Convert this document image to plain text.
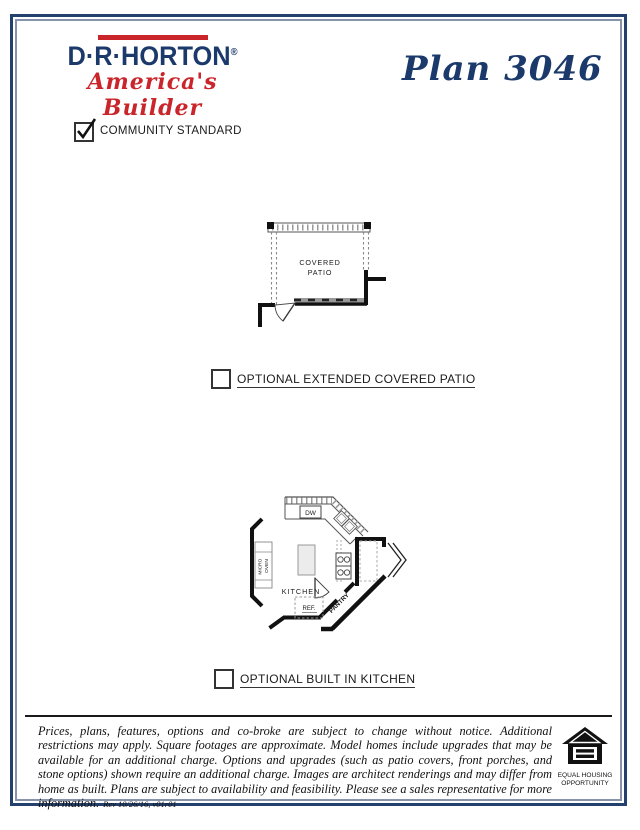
D·R·HORTON®
America's Builder
Plan 3046
COMMUNITY STANDARD
COVERED
PATIO
OPTIONAL EXTENDED COVERED PATIO
DW
REF. PANTRY
MICRO OVEN
KITCHEN
OPTIONAL BUILT IN KITCHEN
Prices, plans, features, options and co-broke are subject to change without notice. Additional restrictions may apply. Square footages are approximate. Model homes include upgrades that may be available for an additional charge. Options and upgrades (such as patio covers, front porches, and stone options) shown require an additional charge. Images are architect renderings and may differ from home as built. Plans are subject to availability and feasibility. Please see a sales representative for more information. Rev 10/26/16, v01r01
EQUAL HOUSING
OPPORTUNITY
